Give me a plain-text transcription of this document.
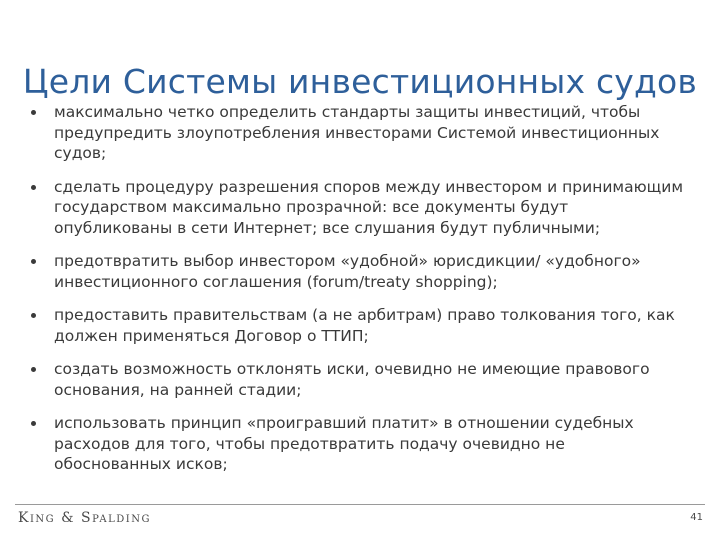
Цели Системы инвестиционных судов
максимально четко определить стандарты защиты инвестиций, чтобы предупредить злоупотребления инвесторами Системой инвестиционных судов;
сделать процедуру разрешения споров между инвестором и принимающим государством максимально прозрачной: все документы будут опубликованы в сети Интернет; все слушания будут публичными;
предотвратить выбор инвестором «удобной» юрисдикции/ «удобного» инвестиционного соглашения (forum/treaty shopping);
предоставить правительствам (а не арбитрам) право толкования того, как должен применяться Договор о ТТИП;
создать возможность отклонять иски, очевидно не имеющие правового основания, на ранней стадии;
использовать принцип «проигравший платит» в отношении судебных расходов для того, чтобы предотвратить подачу очевидно не обоснованных исков;
King & Spalding	41
